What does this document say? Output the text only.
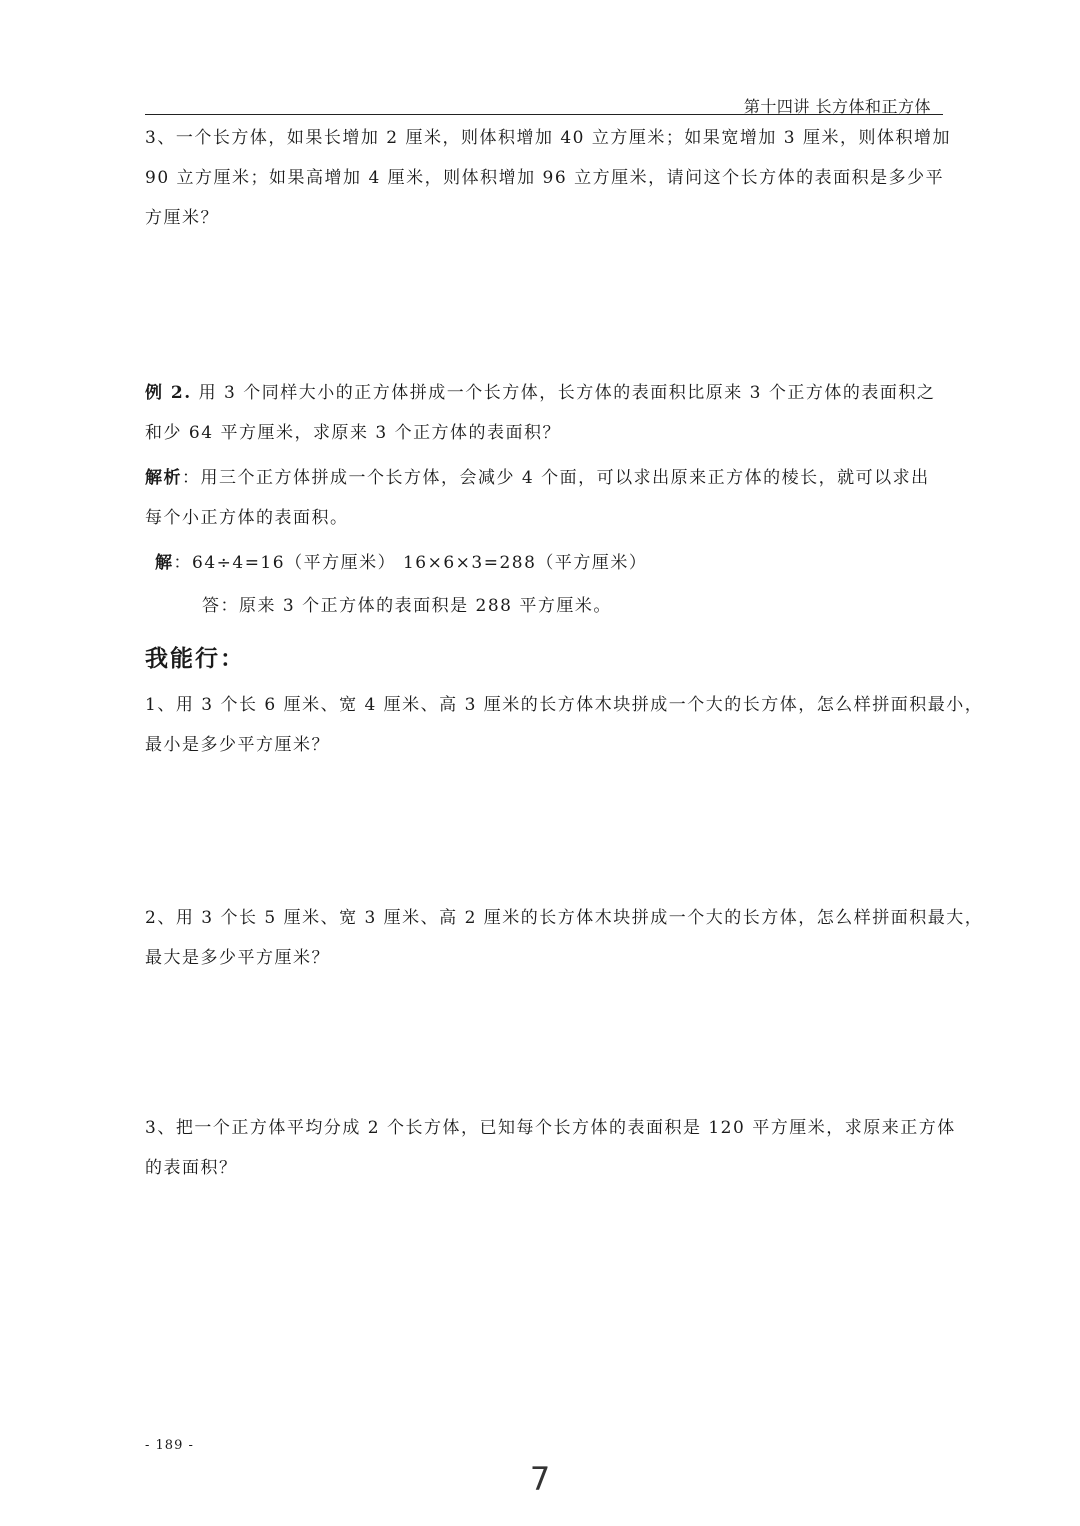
第十四讲 长方体和正方体
3、一个长方体，如果长增加 2 厘米，则体积增加 40 立方厘米；如果宽增加 3 厘米，则体积增加
90 立方厘米；如果高增加 4 厘米，则体积增加 96 立方厘米，请问这个长方体的表面积是多少平
方厘米？
例 2. 用 3 个同样大小的正方体拼成一个长方体，长方体的表面积比原来 3 个正方体的表面积之
和少 64 平方厘米，求原来 3 个正方体的表面积？
解析：用三个正方体拼成一个长方体，会减少 4 个面，可以求出原来正方体的棱长，就可以求出
每个小正方体的表面积。
解：64÷4=16（平方厘米） 16×6×3=288（平方厘米）
答：原来 3 个正方体的表面积是 288 平方厘米。
我能行：
1、用 3 个长 6 厘米、宽 4 厘米、高 3 厘米的长方体木块拼成一个大的长方体，怎么样拼面积最小，
最小是多少平方厘米？
2、用 3 个长 5 厘米、宽 3 厘米、高 2 厘米的长方体木块拼成一个大的长方体，怎么样拼面积最大，
最大是多少平方厘米？
3、把一个正方体平均分成 2 个长方体，已知每个长方体的表面积是 120 平方厘米，求原来正方体
的表面积？
- 189 -
7
